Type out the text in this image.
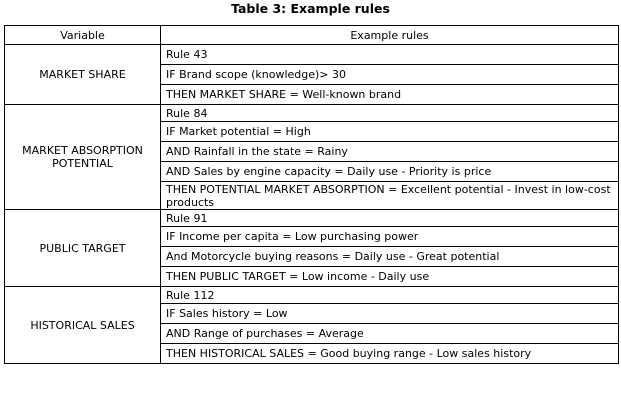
Table 3: Example rules
Variable	Example rules
MARKET SHARE	Rule 43
	IF Brand scope (knowledge)> 30
	THEN MARKET SHARE = Well-known brand
MARKET ABSORPTION POTENTIAL	Rule 84
	IF Market potential = High
	AND Rainfall in the state = Rainy
	AND Sales by engine capacity = Daily use - Priority is price
	THEN POTENTIAL MARKET ABSORPTION = Excellent potential - Invest in low-cost products
PUBLIC TARGET	Rule 91
	IF Income per capita = Low purchasing power
	And Motorcycle buying reasons = Daily use - Great potential
	THEN PUBLIC TARGET = Low income - Daily use
HISTORICAL SALES	Rule 112
	IF Sales history = Low
	AND Range of purchases = Average
	THEN HISTORICAL SALES = Good buying range - Low sales history
